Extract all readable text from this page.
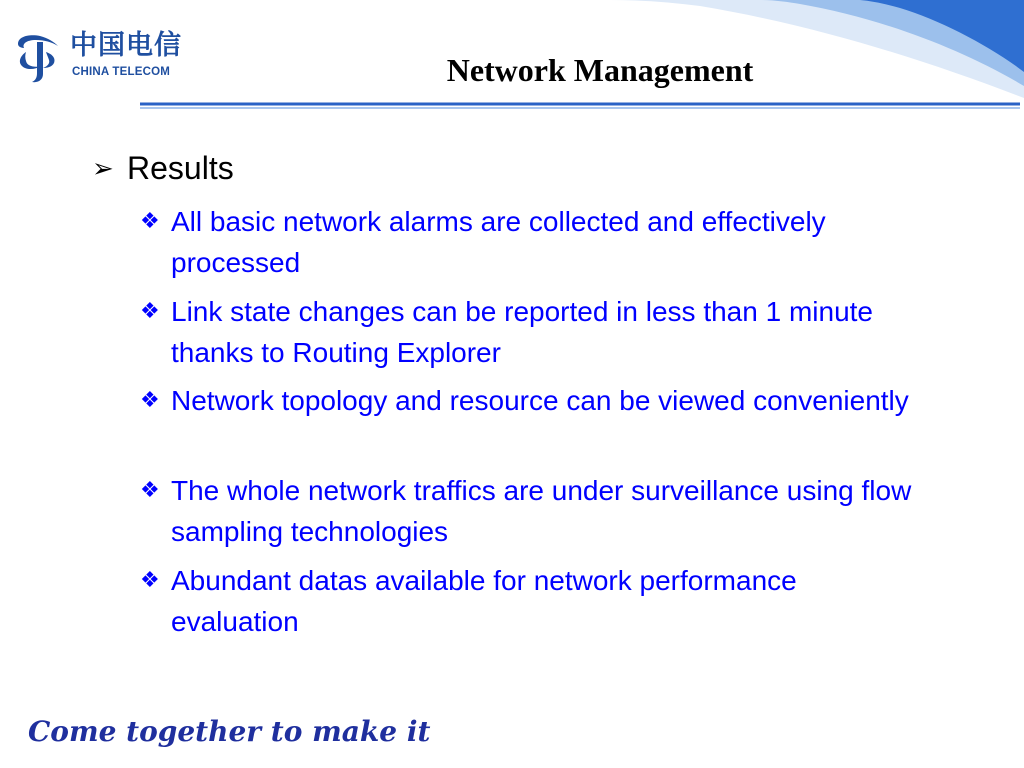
中国电信
CHINA TELECOM	Network Management
➢ Results
❖ All basic network alarms are collected and effectively processed
❖ Link state changes can be reported in less than 1 minute thanks to Routing Explorer
❖ Network topology and resource can be viewed conveniently
❖ The whole network traffics are under surveillance using flow sampling technologies
❖ Abundant datas available for network performance evaluation
Come together to make it
